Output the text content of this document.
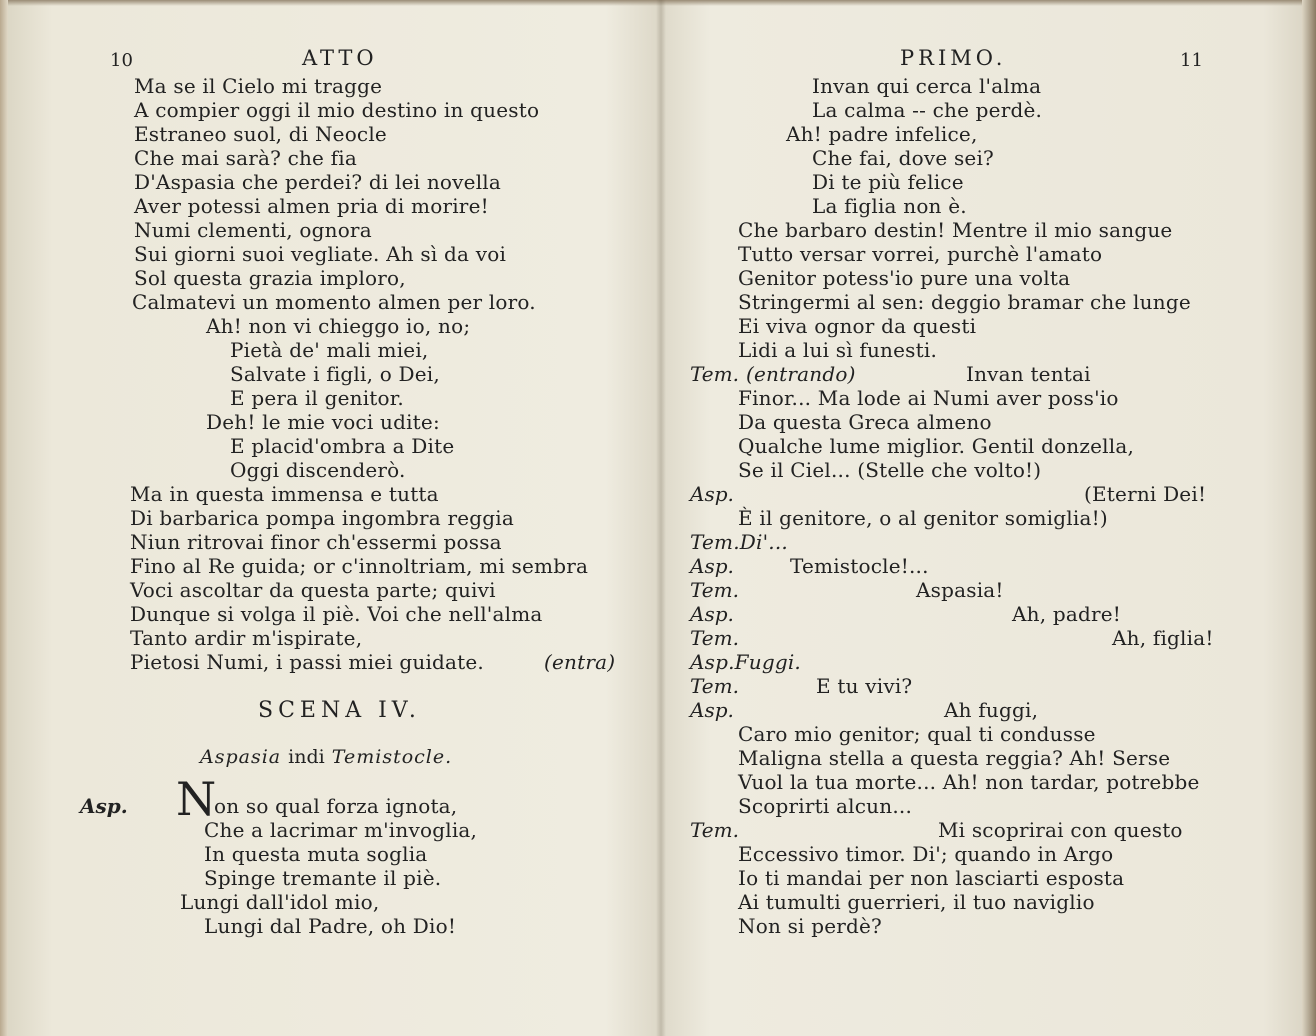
10	ATTO
Ma se il Cielo mi tragge
A compier oggi il mio destino in questo
Estraneo suol, di Neocle
Che mai sarà? che fia
D'Aspasia che perdei? di lei novella
Aver potessi almen pria di morire!
Numi clementi, ognora
Sui giorni suoi vegliate. Ah sì da voi
Sol questa grazia imploro,
Calmatevi un momento almen per loro.
Ah! non vi chieggo io, no;
Pietà de' mali miei,
Salvate i figli, o Dei,
E pera il genitor.
Deh! le mie voci udite:
E placid'ombra a Dite
Oggi discenderò.
Ma in questa immensa e tutta
Di barbarica pompa ingombra reggia
Niun ritrovai finor ch'essermi possa
Fino al Re guida; or c'innoltriam, mi sembra
Voci ascoltar da questa parte; quivi
Dunque si volga il piè. Voi che nell'alma
Tanto ardir m'ispirate,
Pietosi Numi, i passi miei guidate.	(entra)
SCENA IV.
Aspasia indi Temistocle.
Asp. N
on so qual forza ignota,
Che a lacrimar m'invoglia,
In questa muta soglia
Spinge tremante il piè.
Lungi dall'idol mio,
Lungi dal Padre, oh Dio!
PRIMO.	11
Invan qui cerca l'alma
La calma -- che perdè.
Ah! padre infelice,
Che fai, dove sei?
Di te più felice
La figlia non è.
Che barbaro destin! Mentre il mio sangue
Tutto versar vorrei, purchè l'amato
Genitor potess'io pure una volta
Stringermi al sen: deggio bramar che lunge
Ei viva ognor da questi
Lidi a lui sì funesti.
Tem. (entrando)	Invan tentai
Finor... Ma lode ai Numi aver poss'io
Da questa Greca almeno
Qualche lume miglior. Gentil donzella,
Se il Ciel... (Stelle che volto!)
Asp.	(Eterni Dei!
È il genitore, o al genitor somiglia!)
Tem.Di'...
Asp.	Temistocle!...
Tem.	Aspasia!
Asp.	Ah, padre!
Tem.	Ah, figlia!
Asp.Fuggi.
Tem.	E tu vivi?
Asp.	Ah fuggi,
Caro mio genitor; qual ti condusse
Maligna stella a questa reggia? Ah! Serse
Vuol la tua morte... Ah! non tardar, potrebbe
Scoprirti alcun...
Tem.	Mi scoprirai con questo
Eccessivo timor. Di'; quando in Argo
Io ti mandai per non lasciarti esposta
Ai tumulti guerrieri, il tuo naviglio
Non si perdè?
